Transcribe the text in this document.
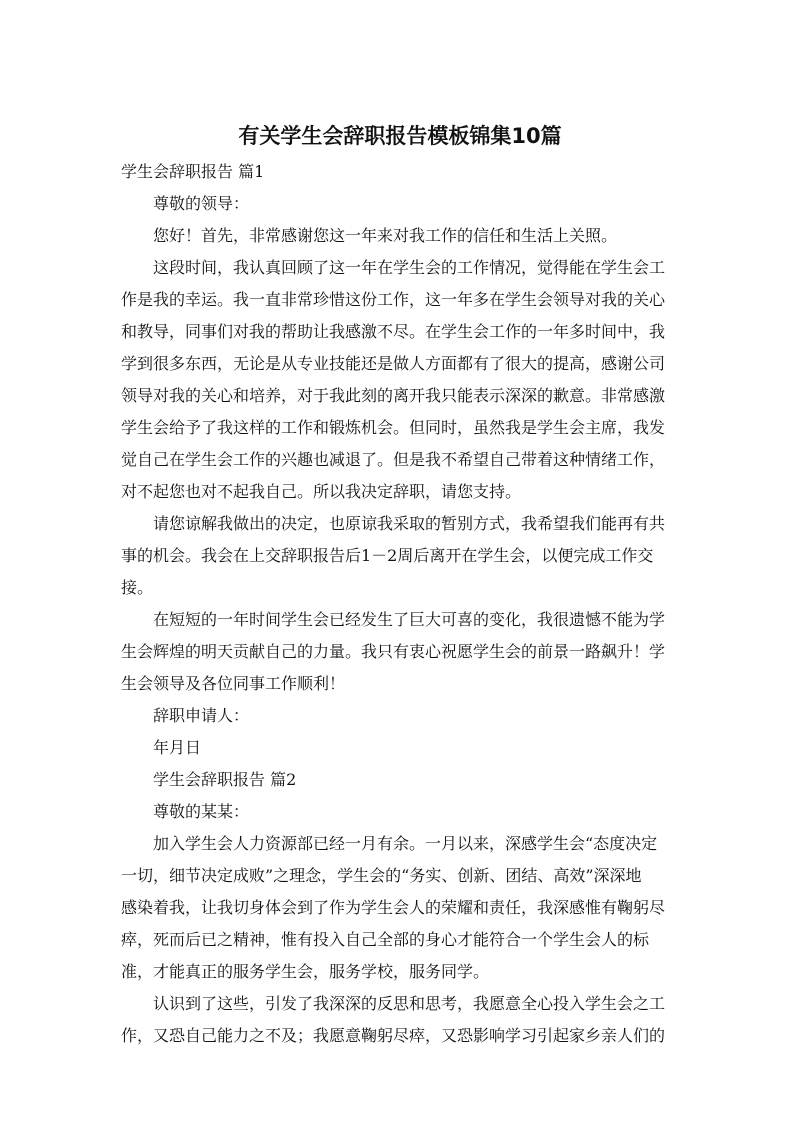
有关学生会辞职报告模板锦集10篇

学生会辞职报告 篇1

尊敬的领导：

您好！首先，非常感谢您这一年来对我工作的信任和生活上关照。

这段时间，我认真回顾了这一年在学生会的工作情况，觉得能在学生会工

作是我的幸运。我一直非常珍惜这份工作，这一年多在学生会领导对我的关心

和教导，同事们对我的帮助让我感激不尽。在学生会工作的一年多时间中，我

学到很多东西，无论是从专业技能还是做人方面都有了很大的提高，感谢公司

领导对我的关心和培养，对于我此刻的离开我只能表示深深的歉意。非常感激

学生会给予了我这样的工作和锻炼机会。但同时，虽然我是学生会主席，我发

觉自己在学生会工作的兴趣也减退了。但是我不希望自己带着这种情绪工作，

对不起您也对不起我自己。所以我决定辞职，请您支持。

请您谅解我做出的决定，也原谅我采取的暂别方式，我希望我们能再有共

事的机会。我会在上交辞职报告后1－2周后离开在学生会，以便完成工作交

接。

在短短的一年时间学生会已经发生了巨大可喜的变化，我很遗憾不能为学

生会辉煌的明天贡献自己的力量。我只有衷心祝愿学生会的前景一路飙升！学

生会领导及各位同事工作顺利！

辞职申请人：

年月日

学生会辞职报告 篇2

尊敬的某某：

加入学生会人力资源部已经一月有余。一月以来，深感学生会“态度决定

一切，细节决定成败”之理念，学生会的“务实、创新、团结、高效”深深地

感染着我，让我切身体会到了作为学生会人的荣耀和责任，我深感惟有鞠躬尽

瘁，死而后已之精神，惟有投入自己全部的身心才能符合一个学生会人的标

准，才能真正的服务学生会，服务学校，服务同学。

认识到了这些，引发了我深深的反思和思考，我愿意全心投入学生会之工

作，又恐自己能力之不及；我愿意鞠躬尽瘁，又恐影响学习引起家乡亲人们的
